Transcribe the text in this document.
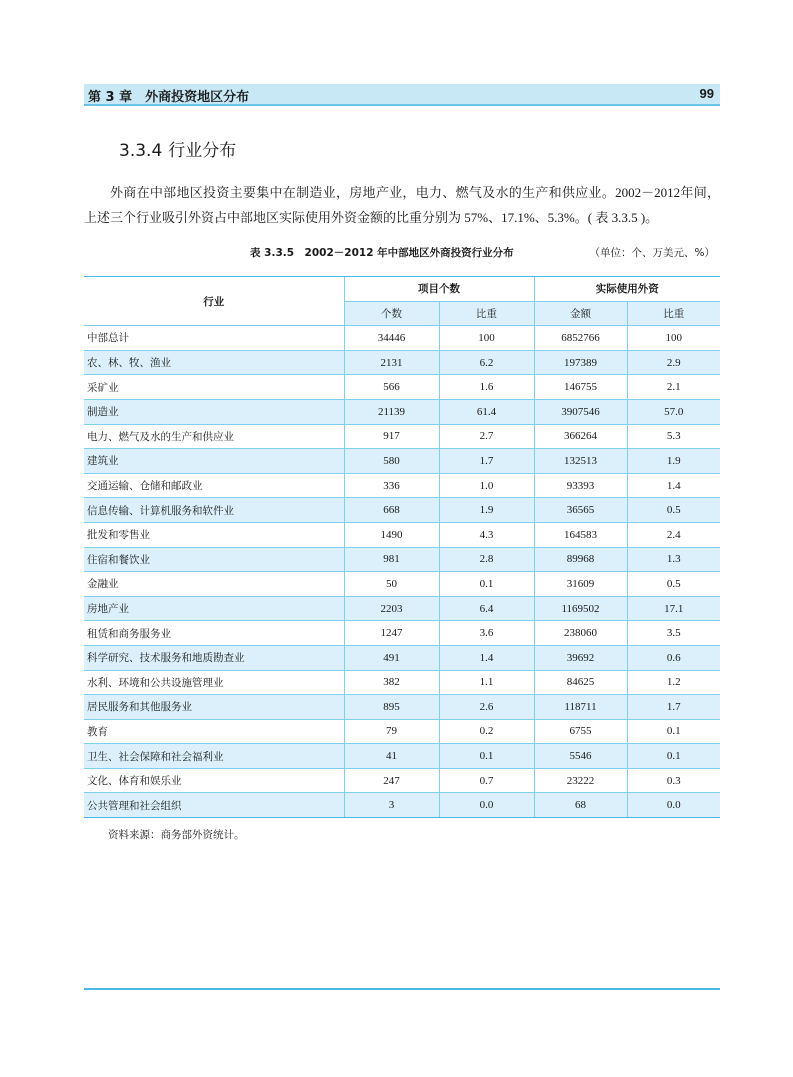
第 3 章　外商投资地区分布	99
3.3.4 行业分布

外商在中部地区投资主要集中在制造业，房地产业，电力、燃气及水的生产和供应业。2002－2012年间，上述三个行业吸引外资占中部地区实际使用外资金额的比重分别为 57%、17.1%、5.3%。( 表 3.3.5 )。

表 3.3.5　2002－2012 年中部地区外商投资行业分布	（单位：个、万美元、%）
行业	项目个数		实际使用外资	
	个数	比重	金额	比重
中部总计	34446	100	6852766	100
农、林、牧、渔业	2131	6.2	197389	2.9
采矿业	566	1.6	146755	2.1
制造业	21139	61.4	3907546	57.0
电力、燃气及水的生产和供应业	917	2.7	366264	5.3
建筑业	580	1.7	132513	1.9
交通运输、仓储和邮政业	336	1.0	93393	1.4
信息传输、计算机服务和软件业	668	1.9	36565	0.5
批发和零售业	1490	4.3	164583	2.4
住宿和餐饮业	981	2.8	89968	1.3
金融业	50	0.1	31609	0.5
房地产业	2203	6.4	1169502	17.1
租赁和商务服务业	1247	3.6	238060	3.5
科学研究、技术服务和地质勘查业	491	1.4	39692	0.6
水利、环境和公共设施管理业	382	1.1	84625	1.2
居民服务和其他服务业	895	2.6	118711	1.7
教育	79	0.2	6755	0.1
卫生、社会保障和社会福利业	41	0.1	5546	0.1
文化、体育和娱乐业	247	0.7	23222	0.3
公共管理和社会组织	3	0.0	68	0.0
资料来源：商务部外资统计。
